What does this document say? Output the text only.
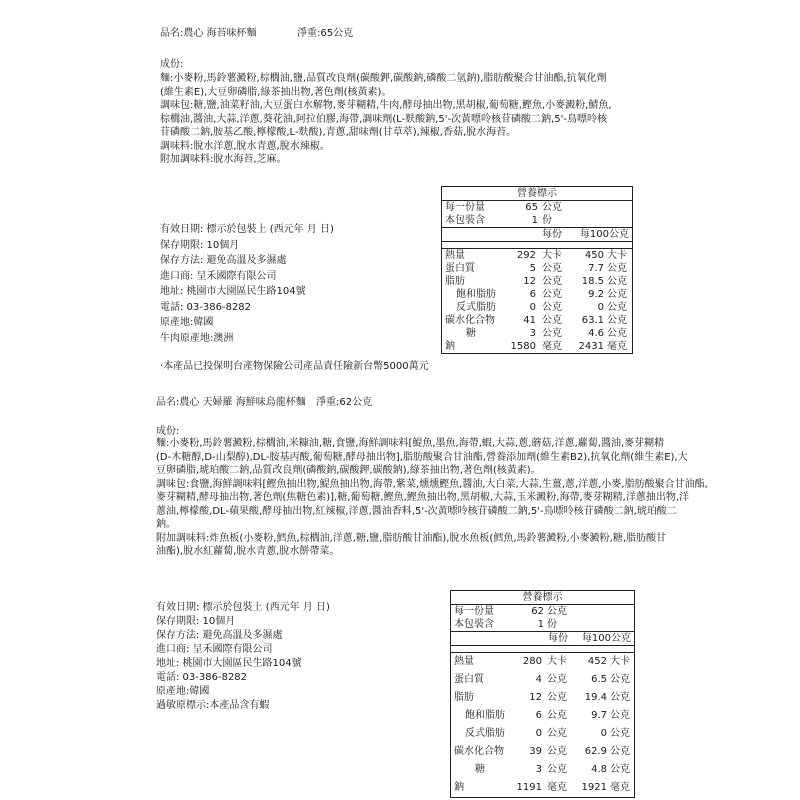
品名:農心 海苔味杯麵	淨重:65公克
成份:
麵:小麥粉,馬鈴薯澱粉,棕櫚油,鹽,品質改良劑(碳酸鉀,碳酸鈉,磷酸二氫鈉),脂肪酸聚合甘油酯,抗氧化劑
(維生素E),大豆卵磷脂,綠茶抽出物,著色劑(核黃素)。
調味包:糖,鹽,油菜籽油,大豆蛋白水解物,麥芽糊精,牛肉,酵母抽出物,黑胡椒,葡萄糖,鰹魚,小麥澱粉,鯖魚,
棕櫚油,醬油,大蒜,洋蔥,葵花油,阿拉伯膠,海帶,調味劑(L-麩酸鈉,5'-次黃嘌呤核苷磷酸二鈉,5'-鳥嘌呤核
苷磷酸二鈉,胺基乙酸,檸檬酸,L-麩酸),青蔥,甜味劑(甘草萃),辣椒,香菇,脫水海苔。
調味料:脫水洋蔥,脫水青蔥,脫水辣椒。
附加調味料:脫水海苔,芝麻。
有效日期: 標示於包裝上 (西元年 月 日)
保存期限: 10個月
保存方法: 避免高溫及多濕處
進口商: 呈禾國際有限公司
地址: 桃園市大園區民生路104號
電話: 03-386-8282
原產地:韓國
牛肉原產地:澳洲
·本產品已投保明台產物保險公司產品責任險新台幣5000萬元
營養標示
每一份量	65 公克
本包裝含	1 份
每份 每100公克
熱量	292 大卡 450 大卡
蛋白質	5 公克	7.7 公克
脂肪	12 公克 18.5 公克
飽和脂肪	6 公克	9.2 公克
反式脂肪	0 公克	0 公克
碳水化合物	41 公克 63.1 公克
糖	3 公克	4.6 公克
鈉	1580 毫克 2431 毫克
品名:農心 天婦羅 海鮮味烏龍杯麵 淨重:62公克
成份:
麵:小麥粉,馬鈴薯澱粉,棕櫚油,米糠油,糖,食鹽,海鮮調味料[鯷魚,墨魚,海帶,蝦,大蒜,蔥,蘑菇,洋蔥,蘿蔔,醬油,麥芽糊精
(D-木糖醇,D-山梨醇),DL-胺基丙酸,葡萄糖,酵母抽出物],脂肪酸聚合甘油酯,營養添加劑(維生素B2),抗氧化劑(維生素E),大
豆卵磷脂,琥珀酸二鈉,品質改良劑(磷酸鈉,碳酸鉀,碳酸鈉),綠茶抽出物,著色劑(核黃素)。
調味包:食鹽,海鮮調味料[鰹魚抽出物,鯷魚抽出物,海帶,紫菜,燻燻鰹魚,醬油,大白菜,大蒜,生薑,蔥,洋蔥,小麥,脂肪酸聚合甘油酯,
麥芽糊精,酵母抽出物,著色劑(焦糖色素)],糖,葡萄糖,鰹魚,鰹魚抽出物,黑胡椒,大蒜,玉米澱粉,海帶,麥芽糊精,洋蔥抽出物,洋
蔥油,檸檬酸,DL-蘋果酸,酵母抽出物,紅辣椒,洋蔥,醬油香料,5'-次黃嘌呤核苷磷酸二鈉,5'-鳥嘌呤核苷磷酸二鈉,琥珀酸二
鈉。
附加調味料:炸魚板(小麥粉,鱈魚,棕櫚油,洋蔥,糖,鹽,脂肪酸甘油酯),脫水魚板(鱈魚,馬鈴薯澱粉,小麥澱粉,糖,脂肪酸甘
油酯),脫水紅蘿蔔,脫水青蔥,脫水餅帶菜。
有效日期: 標示於包裝上 (西元年 月 日)
保存期限: 10個月
保存方法: 避免高溫及多濕處
進口商: 呈禾國際有限公司
地址: 桃園市大園區民生路104號
電話: 03-386-8282
原產地:韓國
過敏原標示:本產品含有蝦
營養標示
每一份量	62 公克
本包裝含	1 份
每份 每100公克
熱量	280 大卡 452 大卡
蛋白質	4 公克 6.5 公克
脂肪	12 公克 19.4 公克
飽和脂肪	6 公克 9.7 公克
反式脂肪	0 公克	0 公克
碳水化合物	39 公克 62.9 公克
糖	3 公克 4.8 公克
鈉	1191 毫克 1921 毫克
